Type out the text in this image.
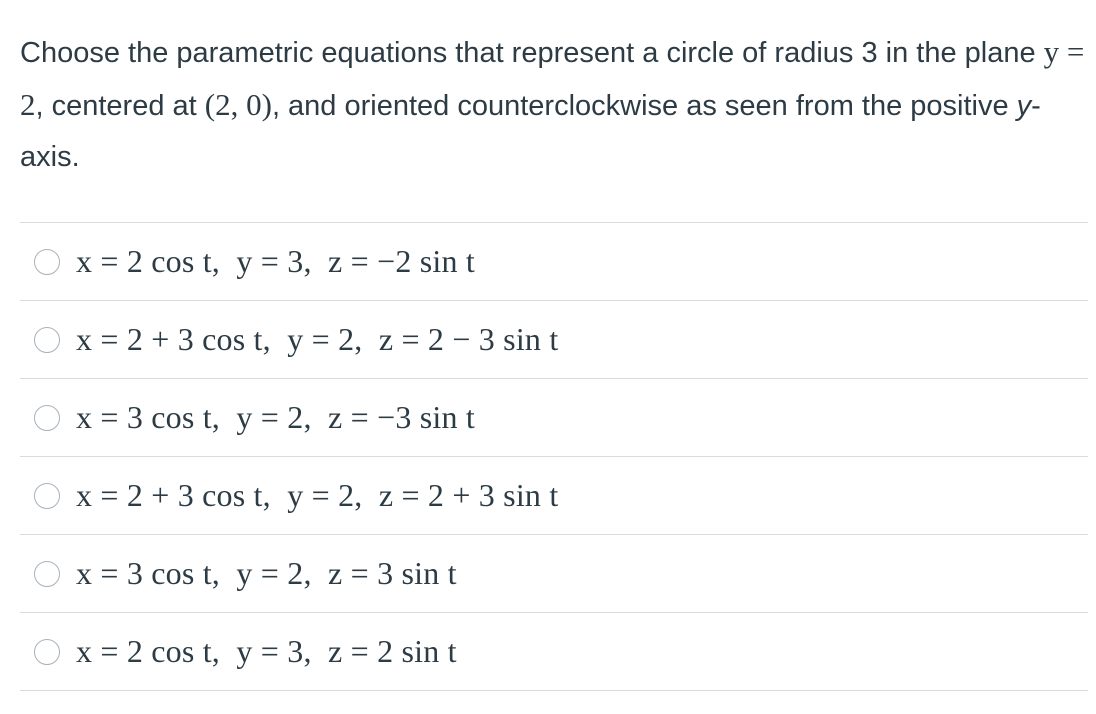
Choose the parametric equations that represent a circle of radius 3 in the plane y = 2, centered at (2, 0), and oriented counterclockwise as seen from the positive y-axis.
x = 2 cos t,  y = 3,  z = −2 sin t
x = 2 + 3 cos t,  y = 2,  z = 2 − 3 sin t
x = 3 cos t,  y = 2,  z = −3 sin t
x = 2 + 3 cos t,  y = 2,  z = 2 + 3 sin t
x = 3 cos t,  y = 2,  z = 3 sin t
x = 2 cos t,  y = 3,  z = 2 sin t
